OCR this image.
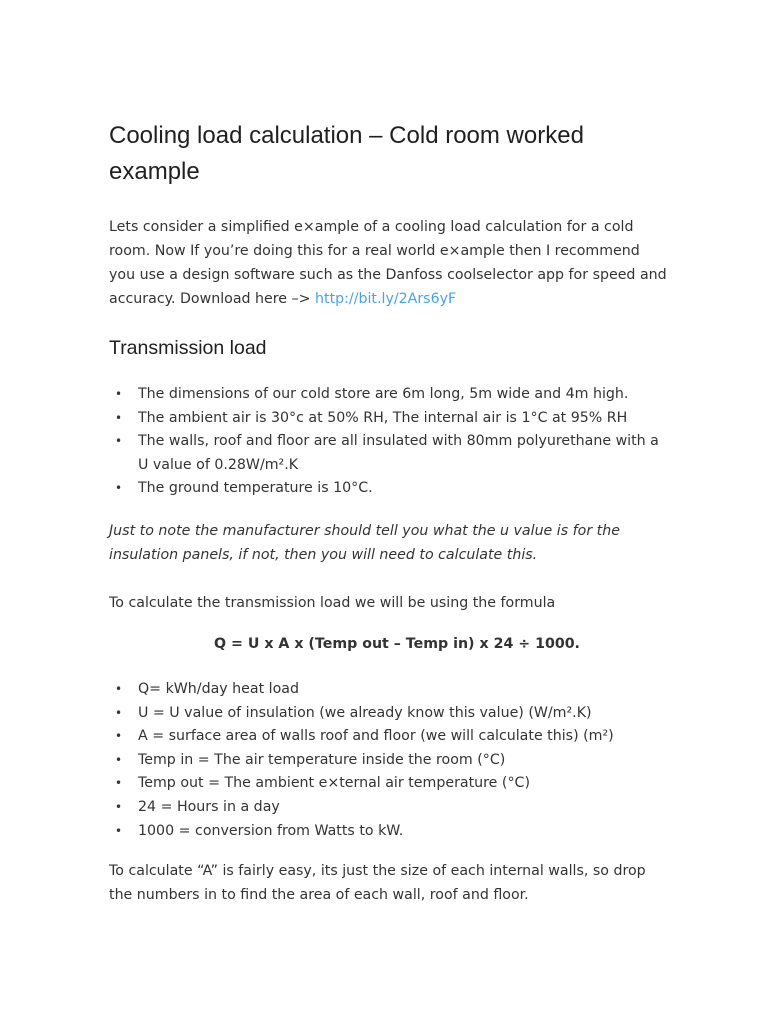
Cooling load calculation – Cold room worked example

Lets consider a simplified e×ample of a cooling load calculation for a cold room. Now If you’re doing this for a real world e×ample then I recommend you use a design software such as the Danfoss coolselector app for speed and accuracy. Download here –> http://bit.ly/2Ars6yF

Transmission load
• The dimensions of our cold store are 6m long, 5m wide and 4m high.
• The ambient air is 30°c at 50% RH, The internal air is 1°C at 95% RH
• The walls, roof and floor are all insulated with 80mm polyurethane with a U value of 0.28W/m².K
• The ground temperature is 10°C.

Just to note the manufacturer should tell you what the u value is for the insulation panels, if not, then you will need to calculate this.

To calculate the transmission load we will be using the formula

Q = U x A x (Temp out – Temp in) x 24 ÷ 1000.
• Q= kWh/day heat load
• U = U value of insulation (we already know this value) (W/m².K)
• A = surface area of walls roof and floor (we will calculate this) (m²)
• Temp in = The air temperature inside the room (°C)
• Temp out = The ambient e×ternal air temperature (°C)
• 24 = Hours in a day
• 1000 = conversion from Watts to kW.

To calculate “A” is fairly easy, its just the size of each internal walls, so drop the numbers in to find the area of each wall, roof and floor.
